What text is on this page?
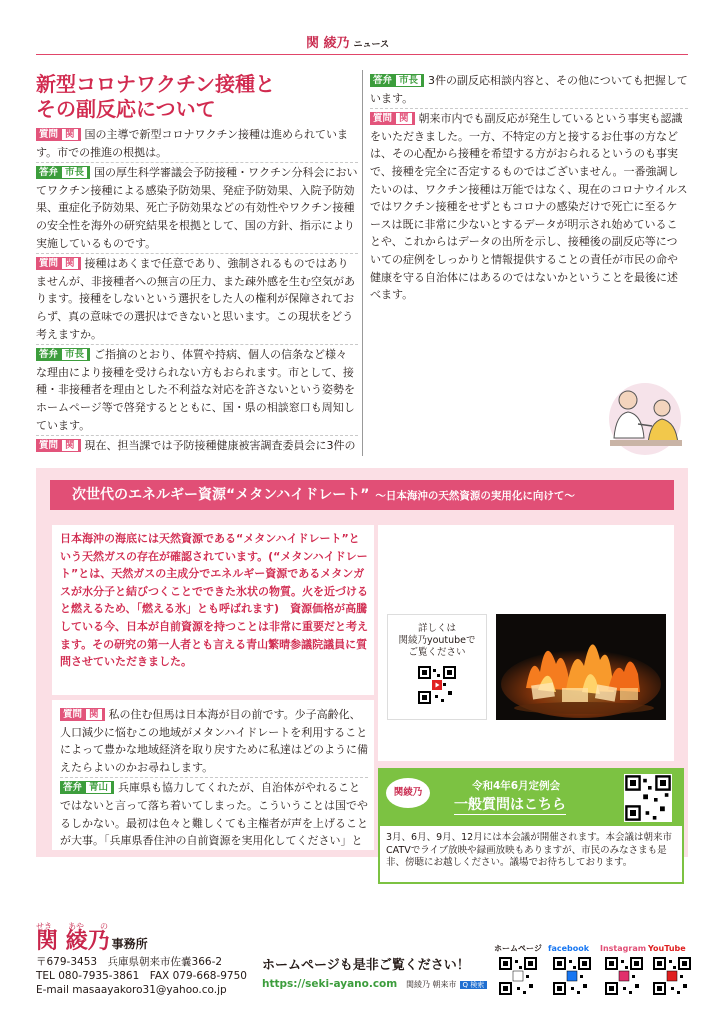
関 綾乃 ニュース
新型コロナワクチン接種と
その副反応について

質問 関 国の主導で新型コロナワクチン接種は進められています。市での推進の根拠は。

答弁 市長 国の厚生科学審議会予防接種・ワクチン分科会においてワクチン接種による感染予防効果、発症予防効果、入院予防効果、重症化予防効果、死亡予防効果などの有効性やワクチン接種の安全性を海外の研究結果を根拠として、国の方針、指示により実施しているものです。

質問 関 接種はあくまで任意であり、強制されるものではありませんが、非接種者への無言の圧力、また疎外感を生む空気があります。接種をしないという選択をした人の権利が保障されておらず、真の意味での選択はできないと思います。この現状をどう考えますか。

答弁 市長 ご指摘のとおり、体質や持病、個人の信条など様々な理由により接種を受けられない方もおられます。市として、接種・非接種者を理由とした不利益な対応を許さないという姿勢をホームページ等で啓発するとともに、国・県の相談窓口も周知しています。

質問 関 現在、担当課では予防接種健康被害調査委員会に3件の

答弁 市長 3件の副反応相談内容と、その他についても把握しています。

質問 関 朝来市内でも副反応が発生しているという事実も認識をいただきました。一方、不特定の方と接するお仕事の方などは、その心配から接種を希望する方がおられるというのも事実で、接種を完全に否定するものではございません。一番強調したいのは、ワクチン接種は万能ではなく、現在のコロナウイルスではワクチン接種をせずともコロナの感染だけで死亡に至るケースは既に非常に少ないとするデータが明示され始めていることや、これからはデータの出所を示し、接種後の副反応等についての症例をしっかりと情報提供することの責任が市民の命や健康を守る自治体にはあるのではないかということを最後に述べます。

次世代のエネルギー資源“メタンハイドレート” 〜日本海沖の天然資源の実用化に向けて〜

日本海沖の海底には天然資源である“メタンハイドレート”という天然ガスの存在が確認されています。(“メタンハイドレート”とは、天然ガスの主成分でエネルギー資源であるメタンガスが水分子と結びつくことでできた氷状の物質。火を近づけると燃えるため、「燃える氷」とも呼ばれます)　資源価格が高騰している今、日本が自前資源を持つことは非常に重要だと考えます。その研究の第一人者とも言える青山繁晴参議院議員に質問させていただきました。

質問 関 私の住む但馬は日本海が目の前です。少子高齢化、人口減少に悩むこの地域がメタンハイドレートを利用することによって豊かな地域経済を取り戻すために私達はどのように備えたらよいのかお尋ねします。

答弁 青山 兵庫県も協力してくれたが、自治体がやれることではないと言って落ち着いてしまった。こういうことは国でやるしかない。最初は色々と難しくても主権者が声を上げることが大事。「兵庫県香住沖の自前資源を実用化してください」と

詳しくは
関綾乃youtubeで
ご覧ください
関綾乃
令和4年6月定例会
一般質問はこちら
3月、6月、9月、12月には本会議が開催されます。本会議は朝来市CATVでライブ放映や録画放映もありますが、市民のみなさまも是非、傍聴にお越しください。議場でお待ちしております。
せき あや の
関 綾乃 事務所
〒679-3453　兵庫県朝来市佐嚢366-2
TEL 080-7935-3861　FAX 079-668-9750
E-mail masaayakoro31@yahoo.co.jp
ホームページも是非ご覧ください！
https://seki-ayano.com 関綾乃 朝来市 Q 検索
ホームページ facebook Instagram YouTube
